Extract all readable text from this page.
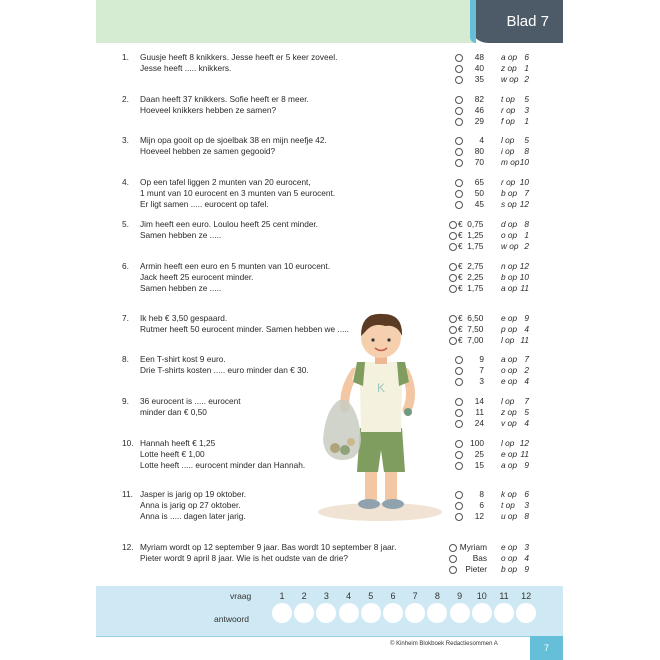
Blad 7
1.	Guusje heeft 8 knikkers. Jesse heeft er 5 keer zoveel.
Jesse heeft ..... knikkers.
48 a op 6
40 z op 1
35 w op 2
2.	Daan heeft 37 knikkers. Sofie heeft er 8 meer.
Hoeveel knikkers hebben ze samen?
82 t op 5
46 r op 3
29 f op 1
3.	Mijn opa gooit op de sjoelbak 38 en mijn neefje 42.
Hoeveel hebben ze samen gegooid?
4 l op 5
80 i op 8
70 m op 10
4.	Op een tafel liggen 2 munten van 20 eurocent,
1 munt van 10 eurocent en 3 munten van 5 eurocent.
Er ligt samen ..... eurocent op tafel.
65 r op 10
50 b op 7
45 s op 12
5.	Jim heeft een euro. Loulou heeft 25 cent minder.
Samen hebben ze .....
€  0,75	d op 8
€  1,25	o op 1
€  1,75	w op 2
6.	Armin heeft een euro en 5 munten van 10 eurocent.
Jack heeft 25 eurocent minder.
Samen hebben ze .....
€  2,75	n op 12
€  2,25	b op 10
€  1,75	a op 11
7.	Ik heb € 3,50 gespaard.
Rutmer heeft 50 eurocent minder. Samen hebben we .....
€  6,50	e op 9
€  7,50	p op 4
€  7,00	l op 11
8.	Een T-shirt kost 9 euro.
Drie T-shirts kosten ..... euro minder dan € 30.
9 a op 7
7 o op 2
3 e op 4
9.	36 eurocent is ..... eurocent
minder dan € 0,50
14 l op 7
11 z op 5
24 v op 4
10. Hannah heeft € 1,25
Lotte heeft € 1,00
Lotte heeft ..... eurocent minder dan Hannah.
100 l op 12
25 e op 11
15 a op 9
11. Jasper is jarig op 19 oktober.
Anna is jarig op 27 oktober.
Anna is ..... dagen later jarig.
8 k op 6
6 t op 3
12 u op 8
12. Myriam wordt op 12 september 9 jaar. Bas wordt 10 september 8 jaar.
Pieter wordt 9 april 8 jaar. Wie is het oudste van de drie?
Myriam e op 3
Bas o op 4
Pieter b op 9
K
vraag
antwoord
1	2	3	4	5	6	7	8	9	10	11	12
© Kinheim Blokboek Redactiesommen A	7
